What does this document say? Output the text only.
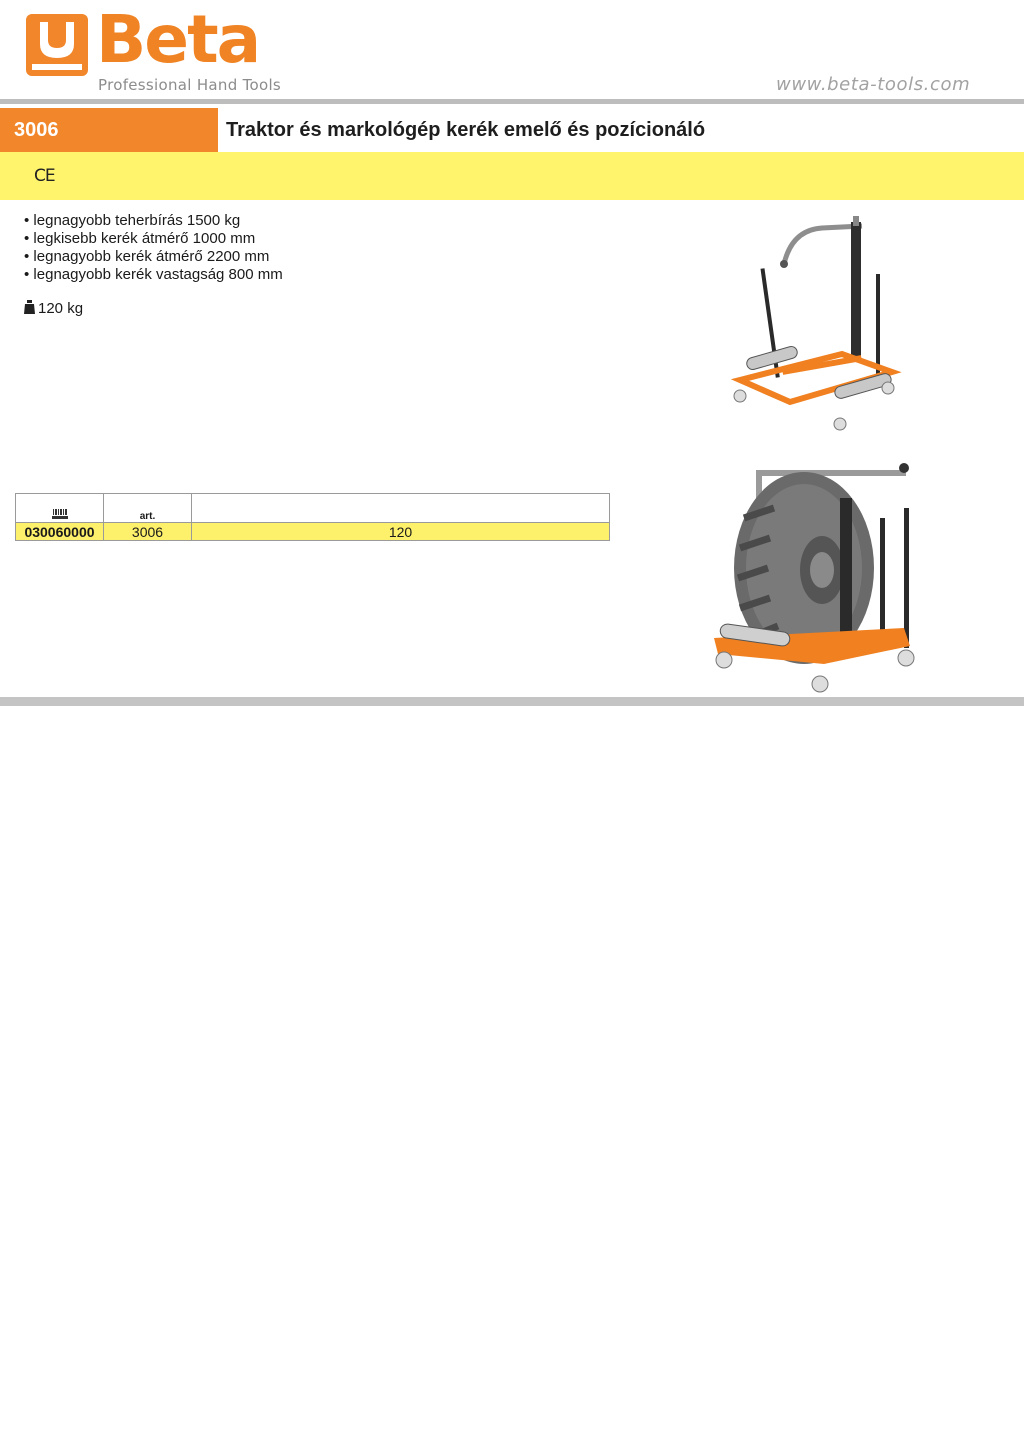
Beta
Professional Hand Tools	www.beta-tools.com
3006	Traktor és markológép kerék emelő és pozícionáló
CE
• legnagyobb teherbírás 1500 kg
• legkisebb kerék átmérő 1000 mm
• legnagyobb kerék átmérő 2200 mm
• legnagyobb kerék vastagság 800 mm
120 kg
	art.	
030060000	3006	120
